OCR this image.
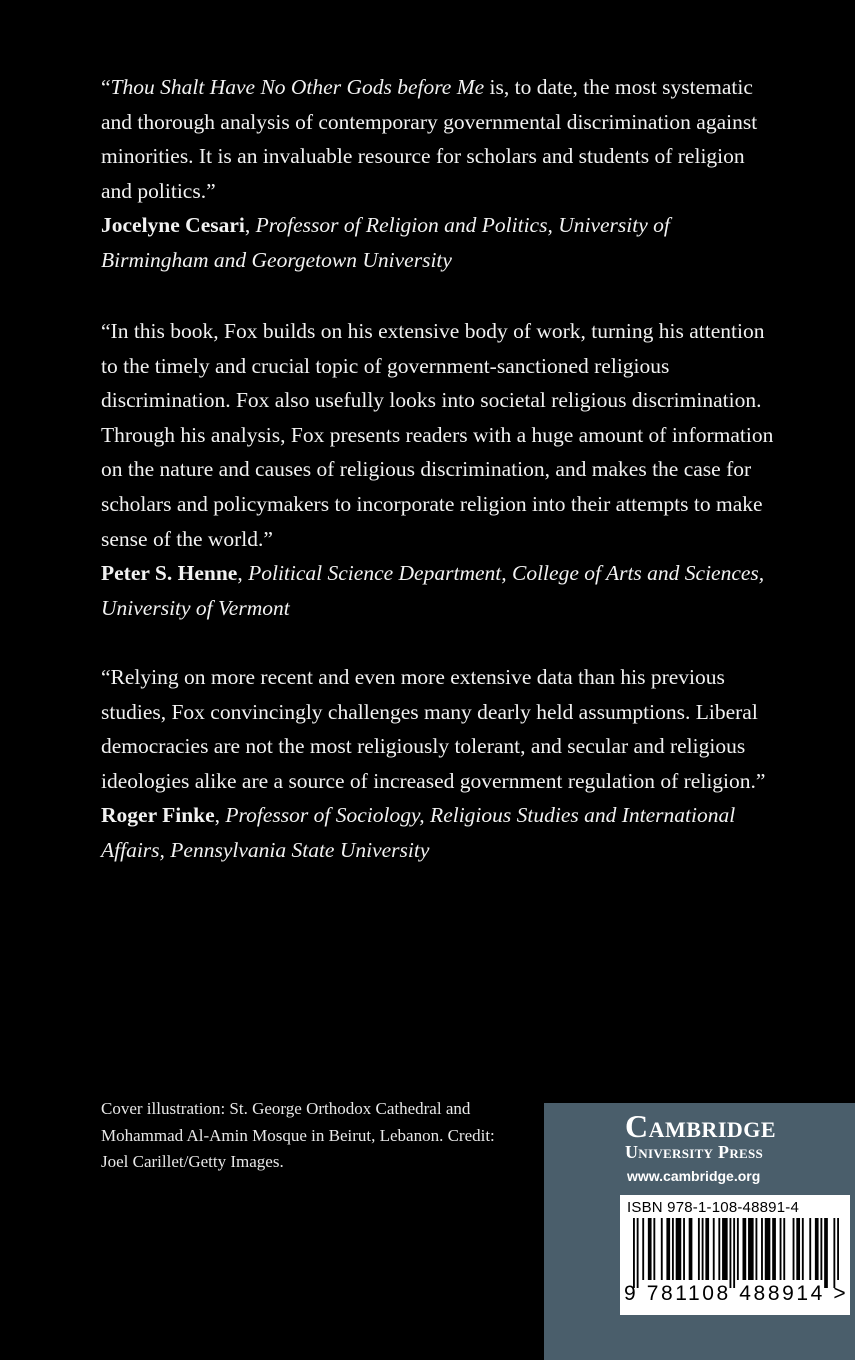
“Thou Shalt Have No Other Gods before Me is, to date, the most systematic and thorough analysis of contemporary governmental discrimination against minorities. It is an invaluable resource for scholars and students of religion and politics.”

Jocelyne Cesari, Professor of Religion and Politics, University of Birmingham and Georgetown University

“In this book, Fox builds on his extensive body of work, turning his attention to the timely and crucial topic of government-sanctioned religious discrimination. Fox also usefully looks into societal religious discrimination. Through his analysis, Fox presents readers with a huge amount of information on the nature and causes of religious discrimination, and makes the case for scholars and policymakers to incorporate religion into their attempts to make sense of the world.”

Peter S. Henne, Political Science Department, College of Arts and Sciences, University of Vermont

“Relying on more recent and even more extensive data than his previous studies, Fox convincingly challenges many dearly held assumptions. Liberal democracies are not the most religiously tolerant, and secular and religious ideologies alike are a source of increased government regulation of religion.”

Roger Finke, Professor of Sociology, Religious Studies and International Affairs, Pennsylvania State University

Cover illustration: St. George Orthodox Cathedral and Mohammad Al-Amin Mosque in Beirut, Lebanon. Credit: Joel Carillet/Getty Images.
Cambridge
University Press
www.cambridge.org
ISBN 978-1-108-48891-4
9 781108 488914 >
